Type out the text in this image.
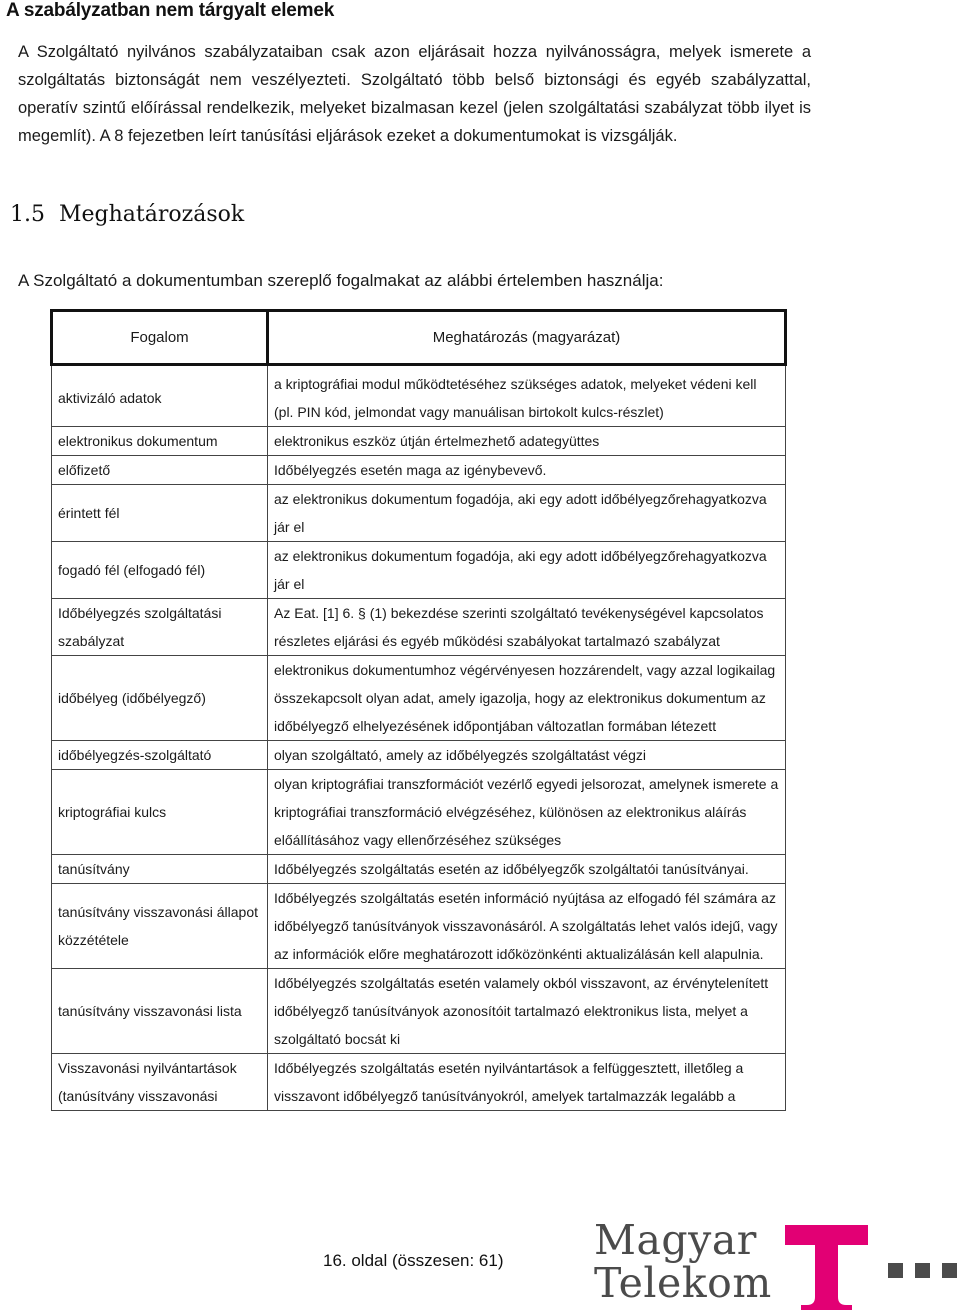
A szabályzatban nem tárgyalt elemek

A Szolgáltató nyilvános szabályzataiban csak azon eljárásait hozza nyilvánosságra, melyek ismerete a szolgáltatás biztonságát nem veszélyezteti. Szolgáltató több belső biztonsági és egyéb szabályzattal, operatív szintű előírással rendelkezik, melyeket bizalmasan kezel (jelen szolgáltatási szabályzat több ilyet is megemlít). A 8 fejezetben leírt tanúsítási eljárások ezeket a dokumentumokat is vizsgálják.

1.5 Meghatározások
A Szolgáltató a dokumentumban szereplő fogalmakat az alábbi értelemben használja:
Fogalom	Meghatározás (magyarázat)
aktivizáló adatok	a kriptográfiai modul működtetéséhez szükséges adatok, melyeket védeni kell (pl. PIN kód, jelmondat vagy manuálisan birtokolt kulcs-részlet)
elektronikus dokumentum	elektronikus eszköz útján értelmezhető adategyüttes
előfizető	Időbélyegzés esetén maga az igénybevevő.
érintett fél	az elektronikus dokumentum fogadója, aki egy adott időbélyegzőrehagyatkozva jár el
fogadó fél (elfogadó fél)	az elektronikus dokumentum fogadója, aki egy adott időbélyegzőrehagyatkozva jár el
Időbélyegzés szolgáltatási szabályzat	Az Eat. [1] 6. § (1) bekezdése szerinti szolgáltató tevékenységével kapcsolatos részletes eljárási és egyéb működési szabályokat tartalmazó szabályzat
időbélyeg (időbélyegző)	elektronikus dokumentumhoz végérvényesen hozzárendelt, vagy azzal logikailag összekapcsolt olyan adat, amely igazolja, hogy az elektronikus dokumentum az időbélyegző elhelyezésének időpontjában változatlan formában létezett
időbélyegzés-szolgáltató	olyan szolgáltató, amely az időbélyegzés szolgáltatást végzi
kriptográfiai kulcs	olyan kriptográfiai transzformációt vezérlő egyedi jelsorozat, amelynek ismerete a kriptográfiai transzformáció elvégzéséhez, különösen az elektronikus aláírás előállításához vagy ellenőrzéséhez szükséges
tanúsítvány	Időbélyegzés szolgáltatás esetén az időbélyegzők szolgáltatói tanúsítványai.
tanúsítvány visszavonási állapot közzététele	Időbélyegzés szolgáltatás esetén információ nyújtása az elfogadó fél számára az időbélyegző tanúsítványok visszavonásáról. A szolgáltatás lehet valós idejű, vagy az információk előre meghatározott időközönkénti aktualizálásán kell alapulnia.
tanúsítvány visszavonási lista	Időbélyegzés szolgáltatás esetén valamely okból visszavont, az érvénytelenített időbélyegző tanúsítványok azonosítóit tartalmazó elektronikus lista, melyet a szolgáltató bocsát ki
Visszavonási nyilvántartások (tanúsítvány visszavonási	Időbélyegzés szolgáltatás esetén nyilvántartások a felfüggesztett, illetőleg a visszavont időbélyegző tanúsítványokról, amelyek tartalmazzák legalább a
16. oldal (összesen: 61) Magyar
Telekom
